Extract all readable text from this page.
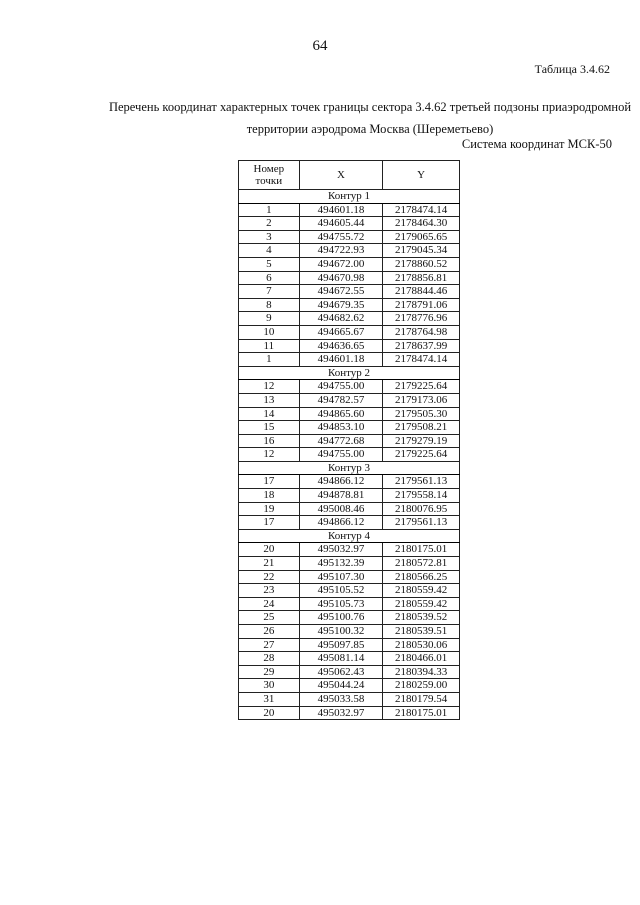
64
Таблица 3.4.62
Перечень координат характерных точек границы сектора 3.4.62 третьей подзоны приаэродромной
территории аэродрома Москва (Шереметьево)
Система координат МСК-50
Номер
точки	X	Y
Контур 1		
1	494601.18	2178474.14
2	494605.44	2178464.30
3	494755.72	2179065.65
4	494722.93	2179045.34
5	494672.00	2178860.52
6	494670.98	2178856.81
7	494672.55	2178844.46
8	494679.35	2178791.06
9	494682.62	2178776.96
10	494665.67	2178764.98
11	494636.65	2178637.99
1	494601.18	2178474.14
Контур 2		
12	494755.00	2179225.64
13	494782.57	2179173.06
14	494865.60	2179505.30
15	494853.10	2179508.21
16	494772.68	2179279.19
12	494755.00	2179225.64
Контур 3		
17	494866.12	2179561.13
18	494878.81	2179558.14
19	495008.46	2180076.95
17	494866.12	2179561.13
Контур 4		
20	495032.97	2180175.01
21	495132.39	2180572.81
22	495107.30	2180566.25
23	495105.52	2180559.42
24	495105.73	2180559.42
25	495100.76	2180539.52
26	495100.32	2180539.51
27	495097.85	2180530.06
28	495081.14	2180466.01
29	495062.43	2180394.33
30	495044.24	2180259.00
31	495033.58	2180179.54
20	495032.97	2180175.01
